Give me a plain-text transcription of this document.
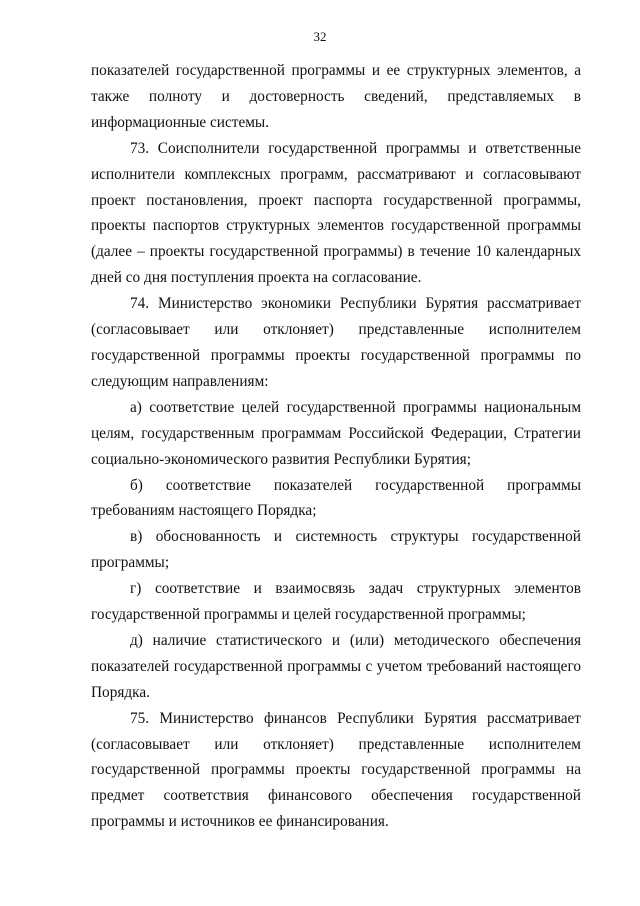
32

показателей государственной программы и ее структурных элементов, а
также полноту и достоверность сведений, представляемых в
информационные системы.

73. Соисполнители государственной программы и ответственные
исполнители комплексных программ, рассматривают и согласовывают
проект постановления, проект паспорта государственной программы,
проекты паспортов структурных элементов государственной программы
(далее – проекты государственной программы) в течение 10 календарных
дней со дня поступления проекта на согласование.

74. Министерство экономики Республики Бурятия рассматривает
(согласовывает или отклоняет) представленные исполнителем
государственной программы проекты государственной программы по
следующим направлениям:

а) соответствие целей государственной программы национальным
целям, государственным программам Российской Федерации, Стратегии
социально-экономического развития Республики Бурятия;

б) соответствие показателей государственной программы
требованиям настоящего Порядка;

в) обоснованность и системность структуры государственной
программы;

г) соответствие и взаимосвязь задач структурных элементов
государственной программы и целей государственной программы;

д) наличие статистического и (или) методического обеспечения
показателей государственной программы с учетом требований настоящего
Порядка.

75. Министерство финансов Республики Бурятия рассматривает
(согласовывает или отклоняет) представленные исполнителем
государственной программы проекты государственной программы на
предмет соответствия финансового обеспечения государственной
программы и источников ее финансирования.
